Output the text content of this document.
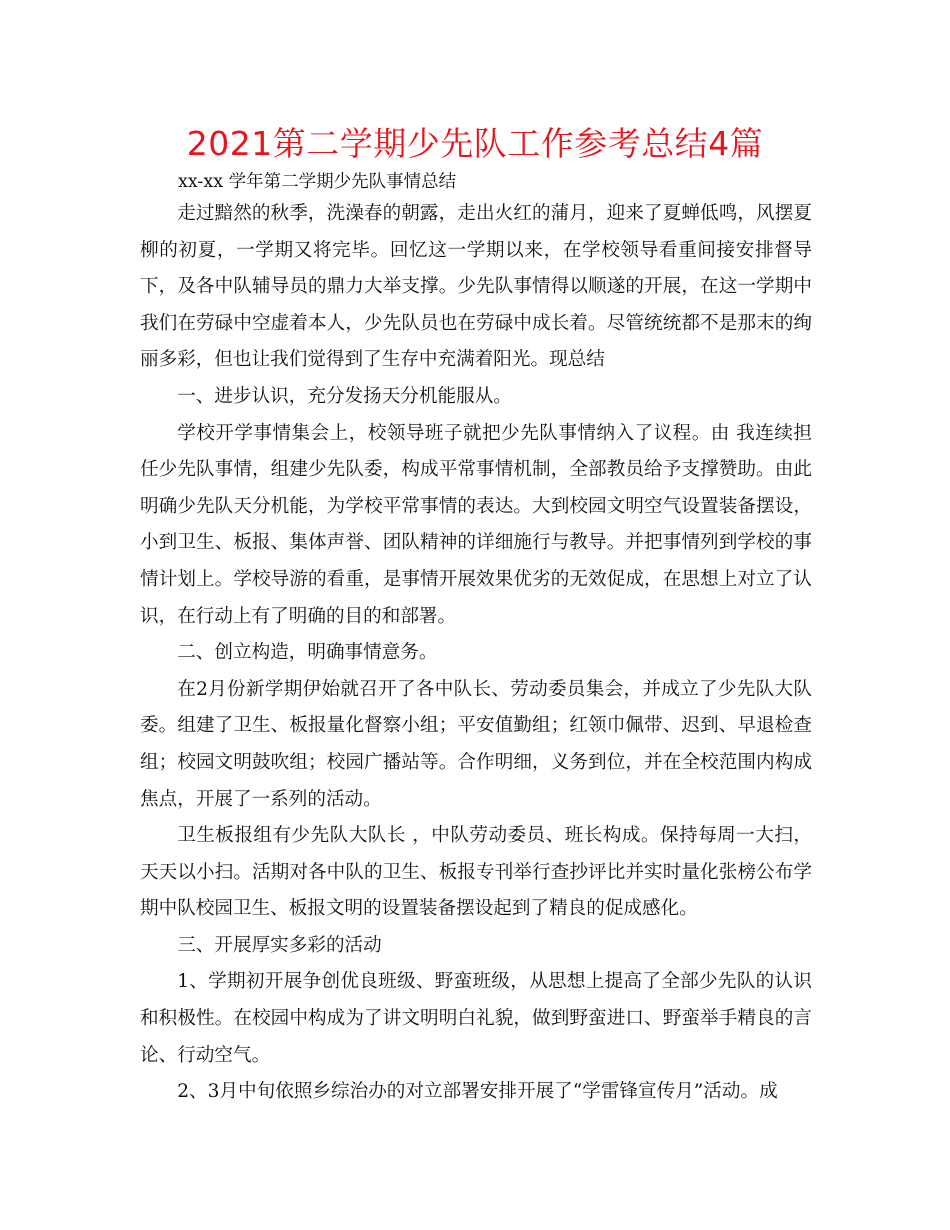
2021第二学期少先队工作参考总结4篇
xx-xx 学年第二学期少先队事情总结

走过黯然的秋季，洗澡春的朝露，走出火红的蒲月，迎来了夏蝉低鸣，风摆夏柳的初夏，一学期又将完毕。回忆这一学期以来，在学校领导看重间接安排督导下，及各中队辅导员的鼎力大举支撑。少先队事情得以顺遂的开展，在这一学期中我们在劳碌中空虚着本人，少先队员也在劳碌中成长着。尽管统统都不是那末的绚丽多彩，但也让我们觉得到了生存中充满着阳光。现总结

一、进步认识，充分发扬天分机能服从。

学校开学事情集会上，校领导班子就把少先队事情纳入了议程。由 我连续担任少先队事情，组建少先队委，构成平常事情机制，全部教员给予支撑赞助。由此明确少先队天分机能，为学校平常事情的表达。大到校园文明空气设置装备摆设，小到卫生、板报、集体声誉、团队精神的详细施行与教导。并把事情列到学校的事情计划上。学校导游的看重，是事情开展效果优劣的无效促成，在思想上对立了认识，在行动上有了明确的目的和部署。

二、创立构造，明确事情意务。

在2月份新学期伊始就召开了各中队长、劳动委员集会，并成立了少先队大队委。组建了卫生、板报量化督察小组；平安值勤组；红领巾佩带、迟到、早退检查组；校园文明鼓吹组；校园广播站等。合作明细，义务到位，并在全校范围内构成焦点，开展了一系列的活动。

卫生板报组有少先队大队长 ，中队劳动委员、班长构成。保持每周一大扫，天天以小扫。活期对各中队的卫生、板报专刊举行查抄评比并实时量化张榜公布学期中队校园卫生、板报文明的设置装备摆设起到了精良的促成感化。

三、开展厚实多彩的活动

1、学期初开展争创优良班级、野蛮班级，从思想上提高了全部少先队的认识和积极性。在校园中构成为了讲文明明白礼貌，做到野蛮进口、野蛮举手精良的言论、行动空气。

2、3月中旬依照乡综治办的对立部署安排开展了“学雷锋宣传月”活动。成
